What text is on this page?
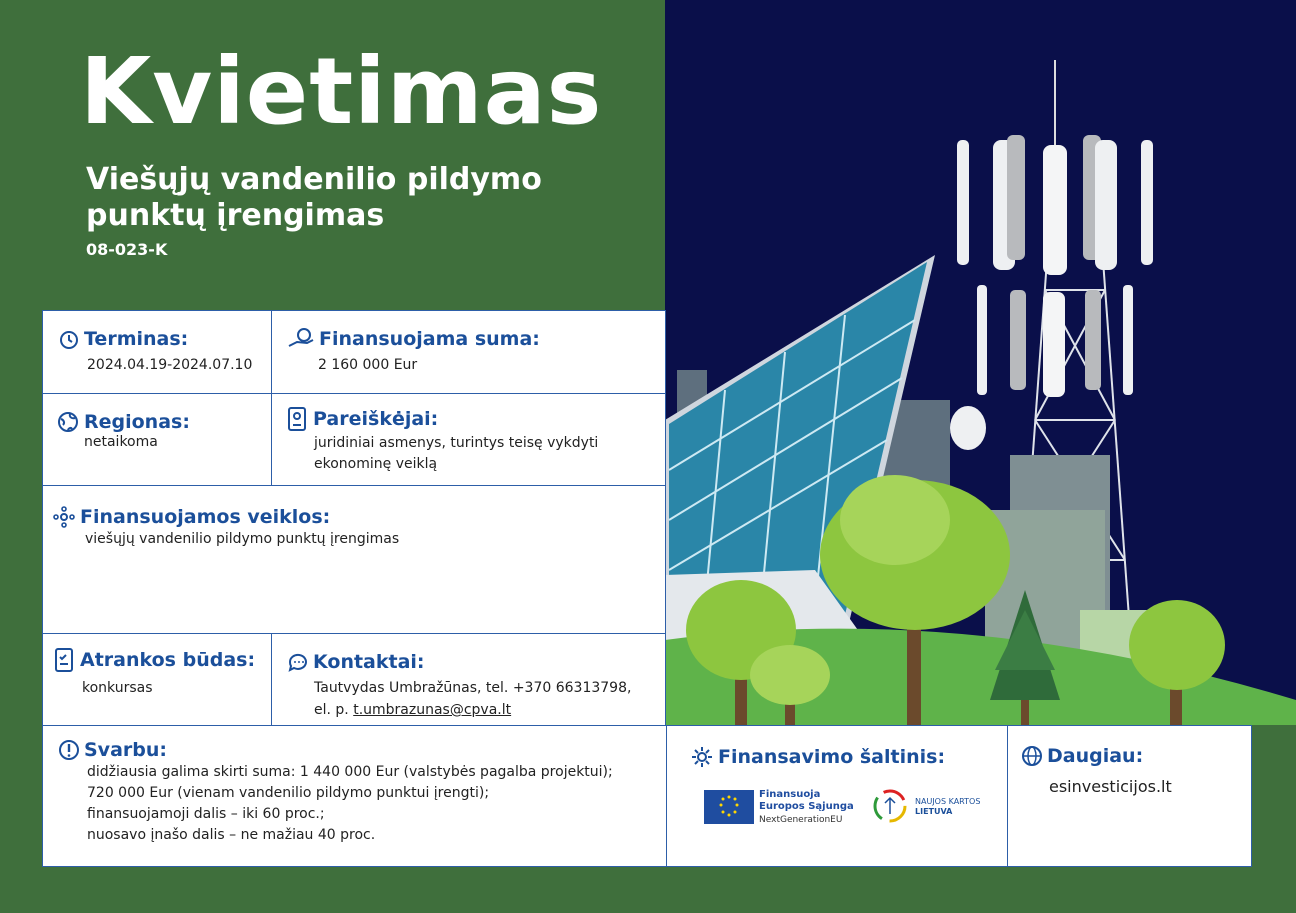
Kvietimas
Viešųjų vandenilio pildymo punktų įrengimas
08-023-K
Terminas:
2024.04.19-2024.07.10
Finansuojama suma:
2 160 000 Eur
Regionas:
netaikoma
Pareiškėjai:
juridiniai asmenys, turintys teisę vykdyti
ekonominę veiklą
Finansuojamos veiklos:
viešųjų vandenilio pildymo punktų įrengimas
Atrankos būdas:
konkursas
Kontaktai:
Tautvydas Umbražūnas, tel. +370 66313798,
el. p. t.umbrazunas@cpva.lt
Svarbu:
didžiausia galima skirti suma: 1 440 000 Eur (valstybės pagalba projektui);
720 000 Eur (vienam vandenilio pildymo punktui įrengti);
finansuojamoji dalis – iki 60 proc.;
nuosavo įnašo dalis – ne mažiau 40 proc.
Finansavimo šaltinis:
Finansuoja
Europos Sąjunga
NextGenerationEU
NAUJOS KARTOS
LIETUVA
Daugiau:
esinvesticijos.lt
